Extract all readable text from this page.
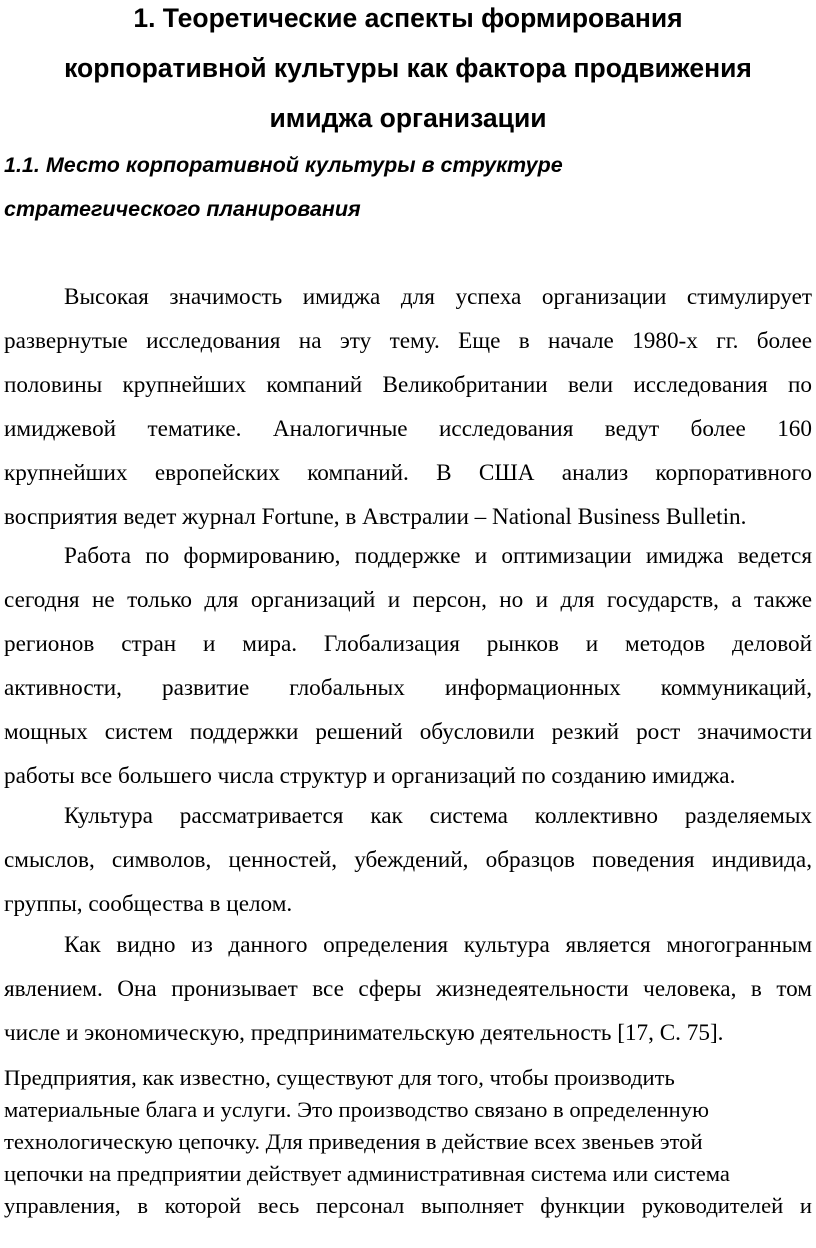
1. Теоретические аспекты формирования
корпоративной культуры как фактора продвижения
имиджа организации
1.1. Место корпоративной культуры в структуре
стратегического планирования
Высокая значимость имиджа для успеха организации стимулирует
развернутые исследования на эту тему. Еще в начале 1980-х гг. более
половины крупнейших компаний Великобритании вели исследования по
имиджевой тематике. Аналогичные исследования ведут более 160
крупнейших европейских компаний. В США анализ корпоративного
восприятия ведет журнал Fortune, в Австралии – National Business Bulletin.
Работа по формированию, поддержке и оптимизации имиджа ведется
сегодня не только для организаций и персон, но и для государств, а также
регионов стран и мира. Глобализация рынков и методов деловой
активности, развитие глобальных информационных коммуникаций,
мощных систем поддержки решений обусловили резкий рост значимости
работы все большего числа структур и организаций по созданию имиджа.
Культура рассматривается как система коллективно разделяемых
смыслов, символов, ценностей, убеждений, образцов поведения индивида,
группы, сообщества в целом.
Как видно из данного определения культура является многогранным
явлением. Она пронизывает все сферы жизнедеятельности человека, в том
числе и экономическую, предпринимательскую деятельность [17, С. 75].
Предприятия, как известно, существуют для того, чтобы производить
материальные блага и услуги. Это производство связано в определенную
технологическую цепочку. Для приведения в действие всех звеньев этой
цепочки на предприятии действует административная система или система
управления, в которой весь персонал выполняет функции руководителей и
